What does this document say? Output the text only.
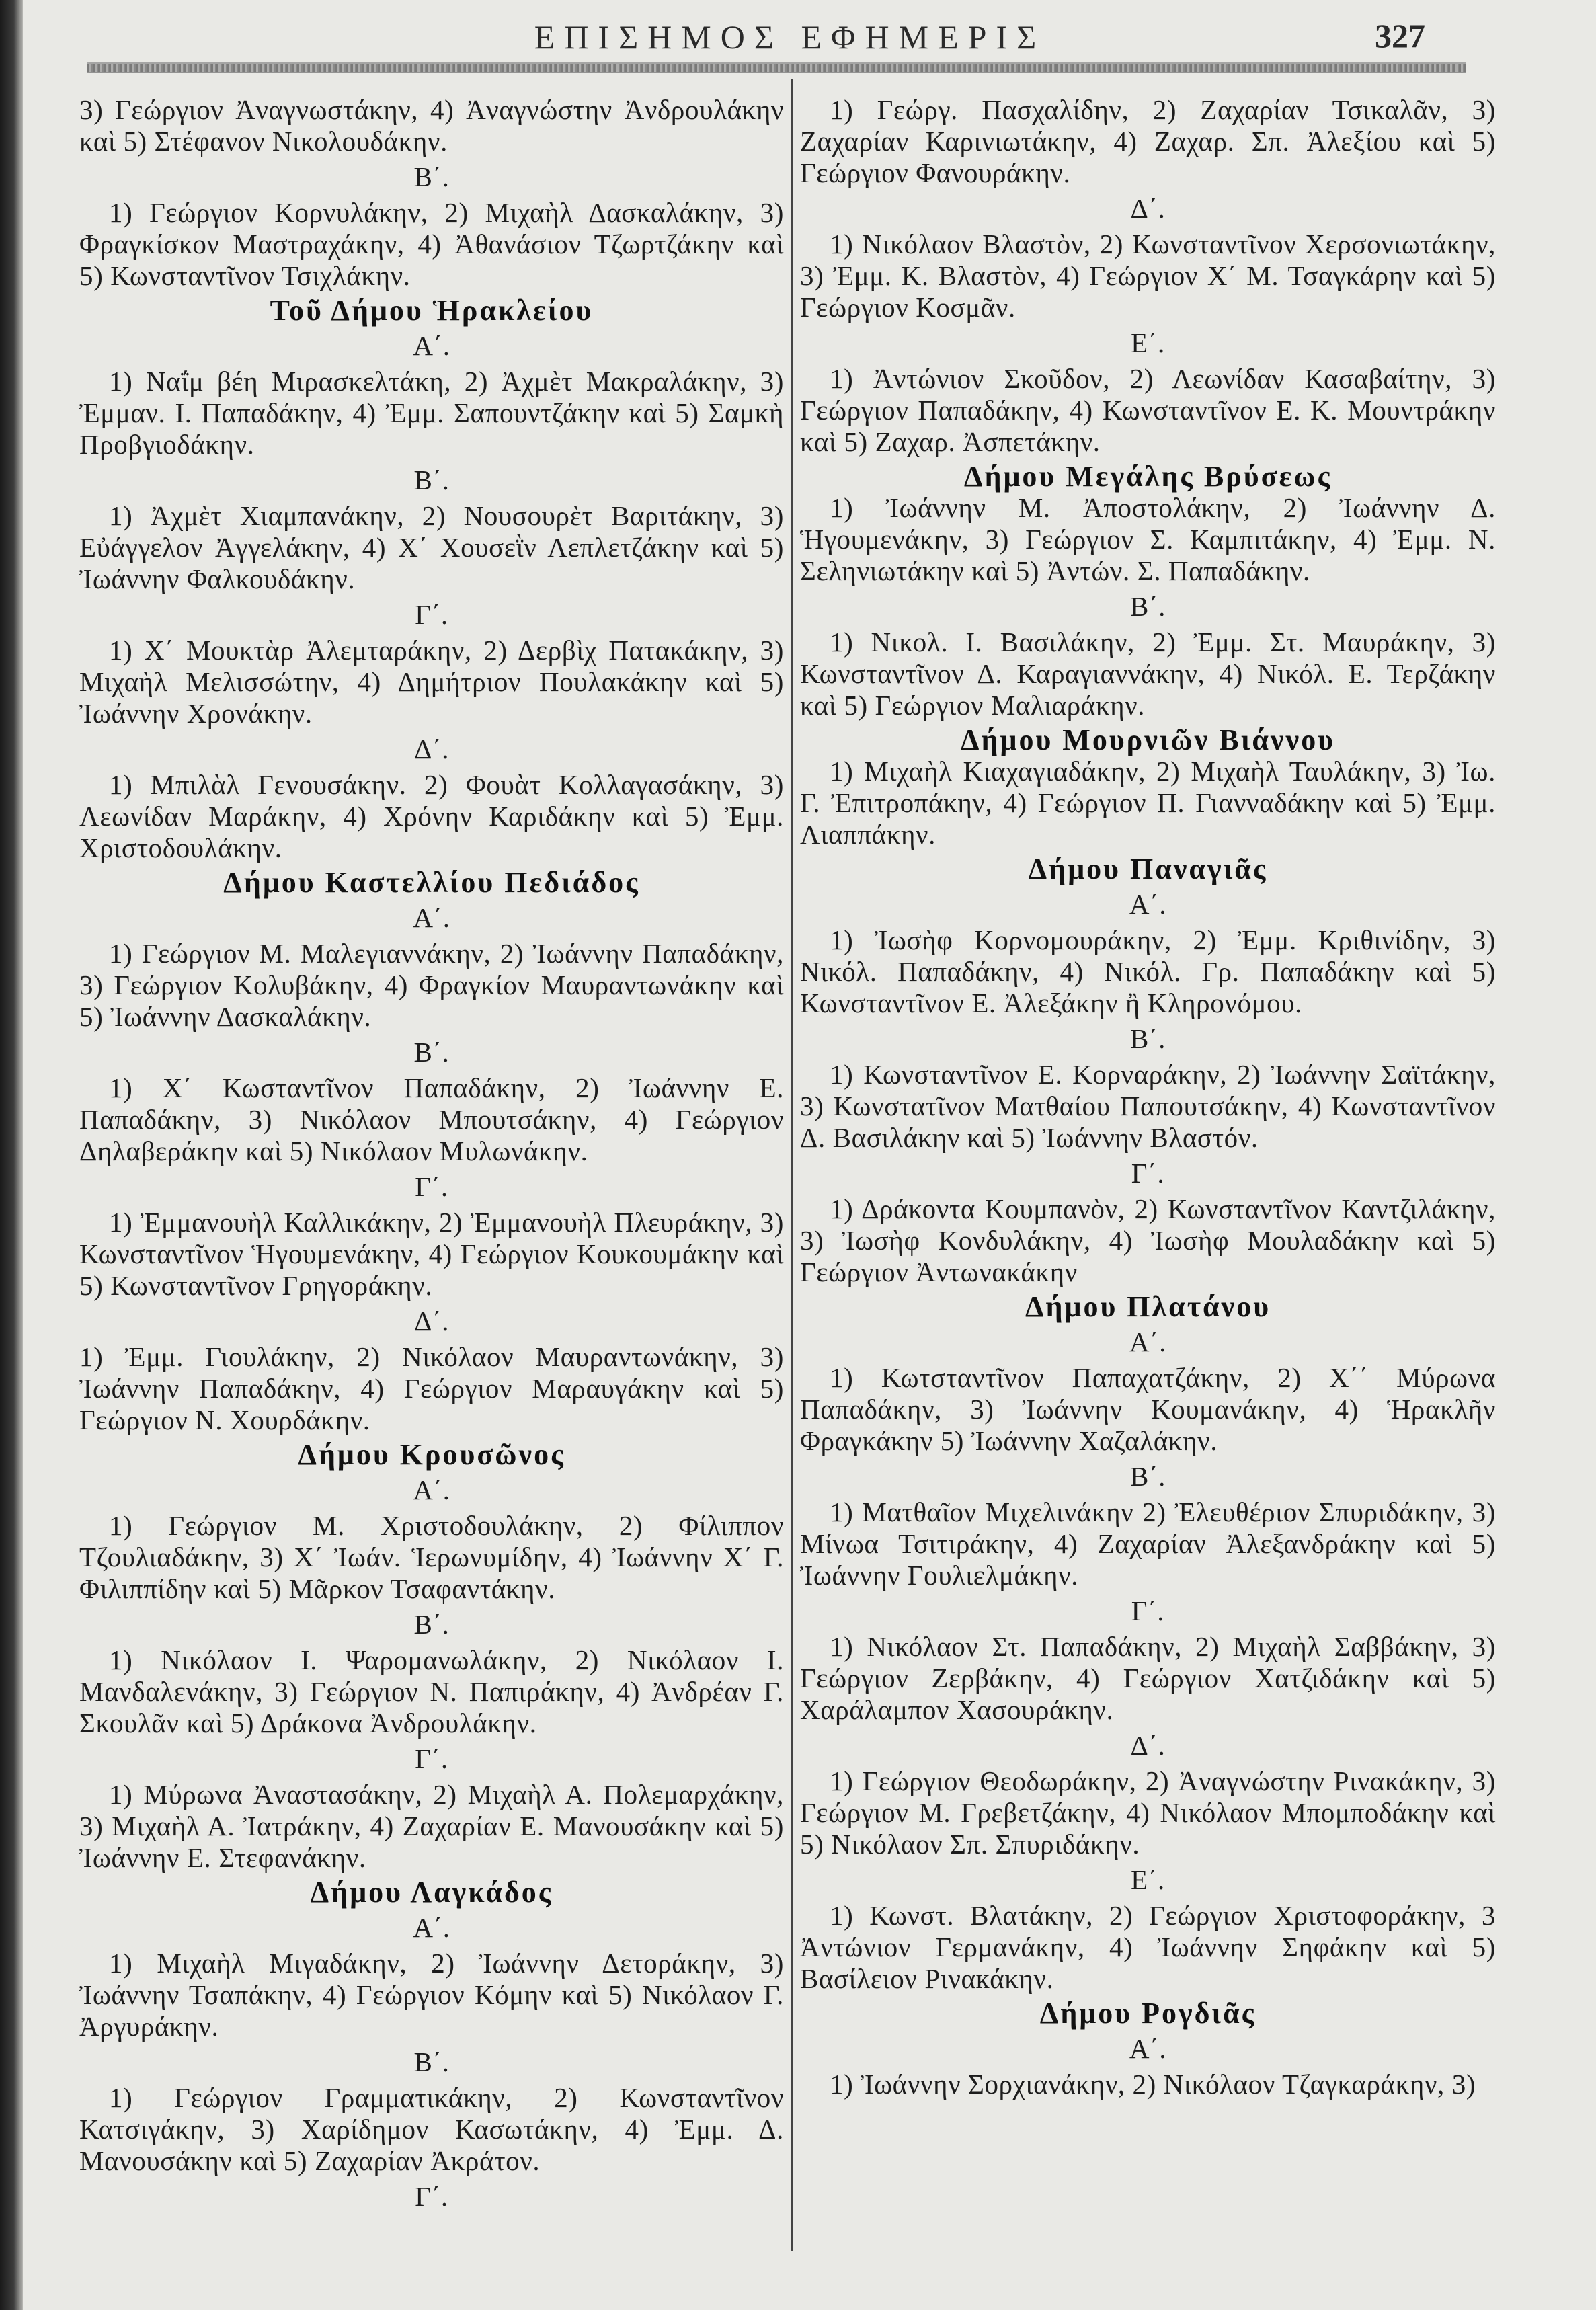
ΕΠΙΣΗΜΟΣ ΕΦΗΜΕΡΙΣ	327
3) Γεώργιον Ἀναγνωστάκην, 4) Ἀναγνώστην Ἀνδρουλάκην καὶ 5) Στέφανον Νικολουδάκην.
Β΄.
1) Γεώργιον Κορνυλάκην, 2) Μιχαὴλ Δασκαλάκην, 3) Φραγκίσκον Μαστραχάκην, 4) Ἀθανάσιον Τζωρτζάκην καὶ 5) Κωνσταντῖνον Τσιχλάκην.
Τοῦ Δήμου Ἡρακλείου
Α΄.
1) Ναΐμ βέη Μιρασκελτάκη, 2) Ἀχμὲτ Μακραλάκην, 3) Ἐμμαν. Ι. Παπαδάκην, 4) Ἐμμ. Σαπουντζάκην καὶ 5) Σαμκὴ Προβγιοδάκην.
Β΄.
1) Ἀχμὲτ Χιαμπανάκην, 2) Νουσουρὲτ Βαριτάκην, 3) Εὐάγγελον Ἀγγελάκην, 4) Χ΄ Χουσεῒν Λεπλετζάκην καὶ 5) Ἰωάννην Φαλκουδάκην.
Γ΄.
1) Χ΄ Μουκτὰρ Ἀλεμταράκην, 2) Δερβὶχ Πατακάκην, 3) Μιχαὴλ Μελισσώτην, 4) Δημήτριον Πουλακάκην καὶ 5) Ἰωάννην Χρονάκην.
Δ΄.
1) Μπιλὰλ Γενουσάκην. 2) Φουὰτ Κολλαγασάκην, 3) Λεωνίδαν Μαράκην, 4) Χρόνην Καριδάκην καὶ 5) Ἐμμ. Χριστοδουλάκην.
Δήμου Καστελλίου Πεδιάδος
Α΄.
1) Γεώργιον Μ. Μαλεγιαννάκην, 2) Ἰωάννην Παπαδάκην, 3) Γεώργιον Κολυβάκην, 4) Φραγκίον Μαυραντωνάκην καὶ 5) Ἰωάννην Δασκαλάκην.
Β΄.
1) Χ΄ Κωσταντῖνον Παπαδάκην, 2) Ἰωάννην Ε. Παπαδάκην, 3) Νικόλαον Μπουτσάκην, 4) Γεώργιον Δηλαβεράκην καὶ 5) Νικόλαον Μυλωνάκην.
Γ΄.
1) Ἐμμανουὴλ Καλλικάκην, 2) Ἐμμανουὴλ Πλευράκην, 3) Κωνσταντῖνον Ἡγουμενάκην, 4) Γεώργιον Κουκουμάκην καὶ 5) Κωνσταντῖνον Γρηγοράκην.
Δ΄.
1) Ἐμμ. Γιουλάκην, 2) Νικόλαον Μαυραντωνάκην, 3) Ἰωάννην Παπαδάκην, 4) Γεώργιον Μαραυγάκην καὶ 5) Γεώργιον Ν. Χουρδάκην.
Δήμου Κρουσῶνος
Α΄.
1) Γεώργιον Μ. Χριστοδουλάκην, 2) Φίλιππον Τζουλιαδάκην, 3) Χ΄ Ἰωάν. Ἱερωνυμίδην, 4) Ἰωάννην Χ΄ Γ. Φιλιππίδην καὶ 5) Μᾶρκον Τσαφαντάκην.
Β΄.
1) Νικόλαον Ι. Ψαρομανωλάκην, 2) Νικόλαον Ι. Μανδαλενάκην, 3) Γεώργιον Ν. Παπιράκην, 4) Ἀνδρέαν Γ. Σκουλᾶν καὶ 5) Δράκονα Ἀνδρουλάκην.
Γ΄.
1) Μύρωνα Ἀναστασάκην, 2) Μιχαὴλ Α. Πολεμαρχάκην, 3) Μιχαὴλ Α. Ἰατράκην, 4) Ζαχαρίαν Ε. Μανουσάκην καὶ 5) Ἰωάννην Ε. Στεφανάκην.
Δήμου Λαγκάδος
Α΄.
1) Μιχαὴλ Μιγαδάκην, 2) Ἰωάννην Δετοράκην, 3) Ἰωάννην Τσαπάκην, 4) Γεώργιον Κόμην καὶ 5) Νικόλαον Γ. Ἀργυράκην.
Β΄.
1) Γεώργιον Γραμματικάκην, 2) Κωνσταντῖνον Κατσιγάκην, 3) Χαρίδημον Κασωτάκην, 4) Ἐμμ. Δ. Μανουσάκην καὶ 5) Ζαχαρίαν Ἀκράτον.
Γ΄.
1) Γεώργ. Πασχαλίδην, 2) Ζαχαρίαν Τσικαλᾶν, 3) Ζαχαρίαν Καρινιωτάκην, 4) Ζαχαρ. Σπ. Ἀλεξίου καὶ 5) Γεώργιον Φανουράκην.
Δ΄.
1) Νικόλαον Βλαστὸν, 2) Κωνσταντῖνον Χερσονιωτάκην, 3) Ἐμμ. Κ. Βλαστὸν, 4) Γεώργιον Χ΄ Μ. Τσαγκάρην καὶ 5) Γεώργιον Κοσμᾶν.
Ε΄.
1) Ἀντώνιον Σκοῦδον, 2) Λεωνίδαν Κασαβαίτην, 3) Γεώργιον Παπαδάκην, 4) Κωνσταντῖνον Ε. Κ. Μουντράκην καὶ 5) Ζαχαρ. Ἀσπετάκην.
Δήμου Μεγάλης Βρύσεως
1) Ἰωάννην Μ. Ἀποστολάκην, 2) Ἰωάννην Δ. Ἡγουμενάκην, 3) Γεώργιον Σ. Καμπιτάκην, 4) Ἐμμ. Ν. Σεληνιωτάκην καὶ 5) Ἀντών. Σ. Παπαδάκην.
Β΄.
1) Νικολ. Ι. Βασιλάκην, 2) Ἐμμ. Στ. Μαυράκην, 3) Κωνσταντῖνον Δ. Καραγιαννάκην, 4) Νικόλ. Ε. Τερζάκην καὶ 5) Γεώργιον Μαλιαράκην.
Δήμου Μουρνιῶν Βιάννου
1) Μιχαὴλ Κιαχαγιαδάκην, 2) Μιχαὴλ Ταυλάκην, 3) Ἰω. Γ. Ἐπιτροπάκην, 4) Γεώργιον Π. Γιανναδάκην καὶ 5) Ἐμμ. Λιαππάκην.
Δήμου Παναγιᾶς
Α΄.
1) Ἰωσὴφ Κορνομουράκην, 2) Ἐμμ. Κριθινίδην, 3) Νικόλ. Παπαδάκην, 4) Νικόλ. Γρ. Παπαδάκην καὶ 5) Κωνσταντῖνον Ε. Ἀλεξάκην ἢ Κληρονόμου.
Β΄.
1) Κωνσταντῖνον Ε. Κορναράκην, 2) Ἰωάννην Σαϊτάκην, 3) Κωνστατῖνον Ματθαίου Παπουτσάκην, 4) Κωνσταντῖνον Δ. Βασιλάκην καὶ 5) Ἰωάννην Βλαστόν.
Γ΄.
1) Δράκοντα Κουμπανὸν, 2) Κωνσταντῖνον Καντζιλάκην, 3) Ἰωσὴφ Κονδυλάκην, 4) Ἰωσὴφ Μουλαδάκην καὶ 5) Γεώργιον Ἀντωνακάκην
Δήμου Πλατάνου
Α΄.
1) Κωτσταντῖνον Παπαχατζάκην, 2) Χ΄΄ Μύρωνα Παπαδάκην, 3) Ἰωάννην Κουμανάκην, 4) Ἡρακλῆν Φραγκάκην 5) Ἰωάννην Χαζαλάκην.
Β΄.
1) Ματθαῖον Μιχελινάκην 2) Ἐλευθέριον Σπυριδάκην, 3) Μίνωα Τσιτιράκην, 4) Ζαχαρίαν Ἀλεξανδράκην καὶ 5) Ἰωάννην Γουλιελμάκην.
Γ΄.
1) Νικόλαον Στ. Παπαδάκην, 2) Μιχαὴλ Σαββάκην, 3) Γεώργιον Ζερβάκην, 4) Γεώργιον Χατζιδάκην καὶ 5) Χαράλαμπον Χασουράκην.
Δ΄.
1) Γεώργιον Θεοδωράκην, 2) Ἀναγνώστην Ρινακάκην, 3) Γεώργιον Μ. Γρεβετζάκην, 4) Νικόλαον Μπομποδάκην καὶ 5) Νικόλαον Σπ. Σπυριδάκην.
Ε΄.
1) Κωνστ. Βλατάκην, 2) Γεώργιον Χριστοφοράκην, 3 Ἀντώνιον Γερμανάκην, 4) Ἰωάννην Σηφάκην καὶ 5) Βασίλειον Ριναкάκην.
Δήμου Ρογδιᾶς
Α΄.
1) Ἰωάννην Σορχιανάκην, 2) Νικόλαον Τζαγκαράκην, 3)
